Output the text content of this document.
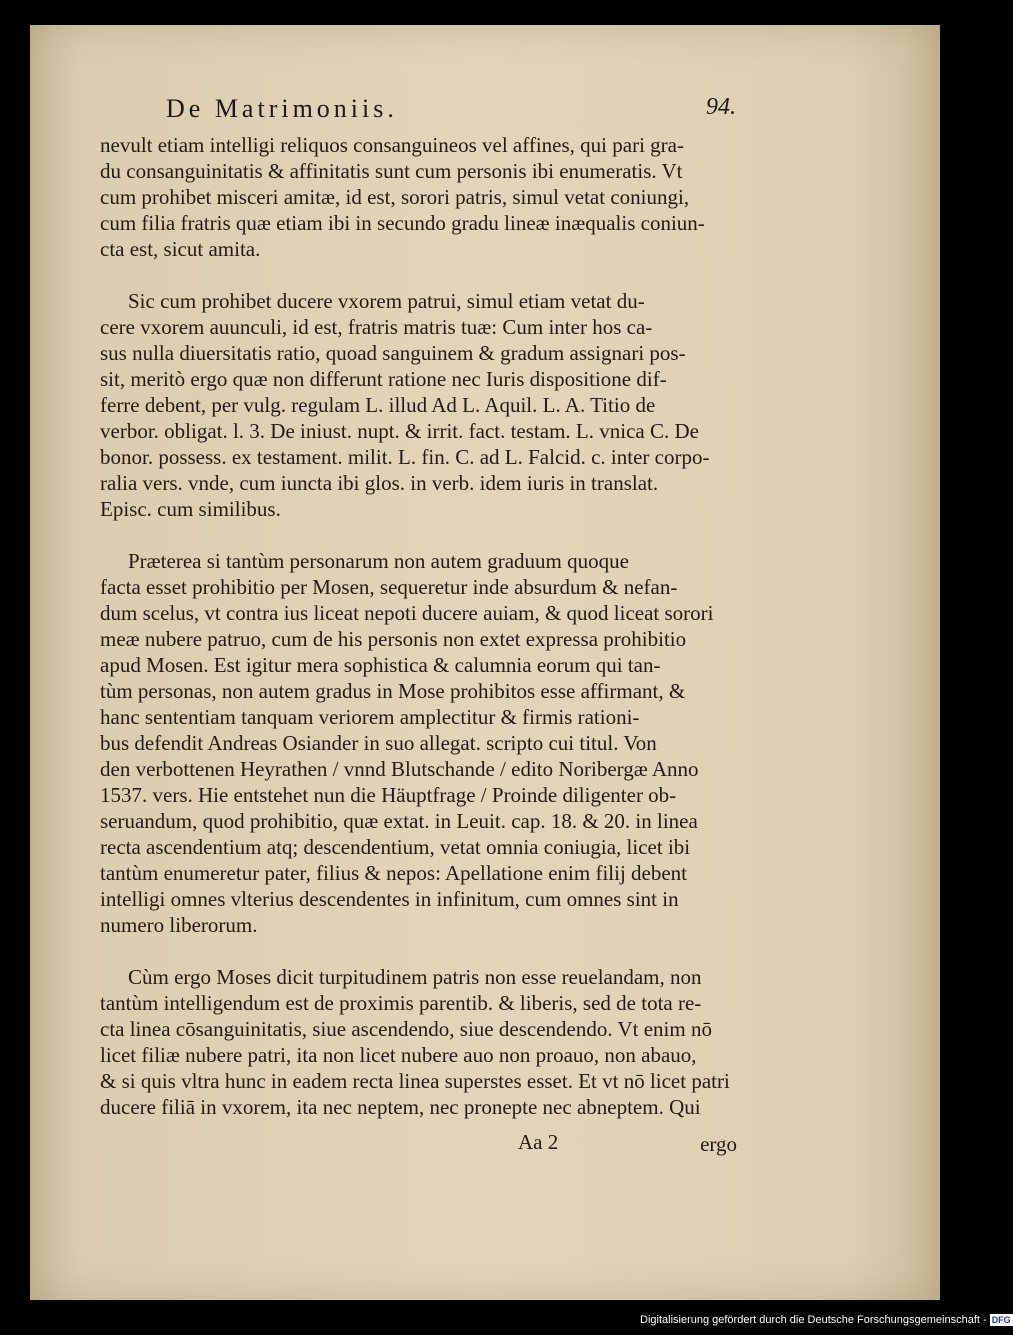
De Matrimoniis.	94.
nevult etiam intelligi reliquos consanguineos vel affines, qui pari gra-
du consanguinitatis & affinitatis sunt cum personis ibi enumeratis. Vt
cum prohibet misceri amitæ, id est, sorori patris, simul vetat coniungi,
cum filia fratris quæ etiam ibi in secundo gradu lineæ inæqualis coniun-
cta est, sicut amita.
Sic cum prohibet ducere vxorem patrui, simul etiam vetat du-
cere vxorem auunculi, id est, fratris matris tuæ: Cum inter hos ca-
sus nulla diuersitatis ratio, quoad sanguinem & gradum assignari pos-
sit, meritò ergo quæ non differunt ratione nec Iuris dispositione dif-
ferre debent, per vulg. regulam L. illud Ad L. Aquil. L. A. Titio de
verbor. obligat. l. 3. De iniust. nupt. & irrit. fact. testam. L. vnica C. De
bonor. possess. ex testament. milit. L. fin. C. ad L. Falcid. c. inter corpo-
ralia vers. vnde, cum iuncta ibi glos. in verb. idem iuris in translat.
Episc. cum similibus.
Præterea si tantùm personarum non autem graduum quoque
facta esset prohibitio per Mosen, sequeretur inde absurdum & nefan-
dum scelus, vt contra ius liceat nepoti ducere auiam, & quod liceat sorori
meæ nubere patruo, cum de his personis non extet expressa prohibitio
apud Mosen. Est igitur mera sophistica & calumnia eorum qui tan-
tùm personas, non autem gradus in Mose prohibitos esse affirmant, &
hanc sententiam tanquam veriorem amplectitur & firmis rationi-
bus defendit Andreas Osiander in suo allegat. scripto cui titul. Von
den verbottenen Heyrathen / vnnd Blutschande / edito Noribergæ Anno
1537. vers. Hie entstehet nun die Häuptfrage / Proinde diligenter ob-
seruandum, quod prohibitio, quæ extat. in Leuit. cap. 18. & 20. in linea
recta ascendentium atq; descendentium, vetat omnia coniugia, licet ibi
tantùm enumeretur pater, filius & nepos: Apellatione enim filij debent
intelligi omnes vlterius descendentes in infinitum, cum omnes sint in
numero liberorum.
Cùm ergo Moses dicit turpitudinem patris non esse reuelandam, non
tantùm intelligendum est de proximis parentib. & liberis, sed de tota re-
cta linea cōsanguinitatis, siue ascendendo, siue descendendo. Vt enim nō
licet filiæ nubere patri, ita non licet nubere auo non proauo, non abauo,
& si quis vltra hunc in eadem recta linea superstes esset. Et vt nō licet patri
ducere filiā in vxorem, ita nec neptem, nec pronepte nec abneptem. Qui
Aa 2	ergo
Digitalisierung gefördert durch die Deutsche Forschungsgemeinschaft - DFG
